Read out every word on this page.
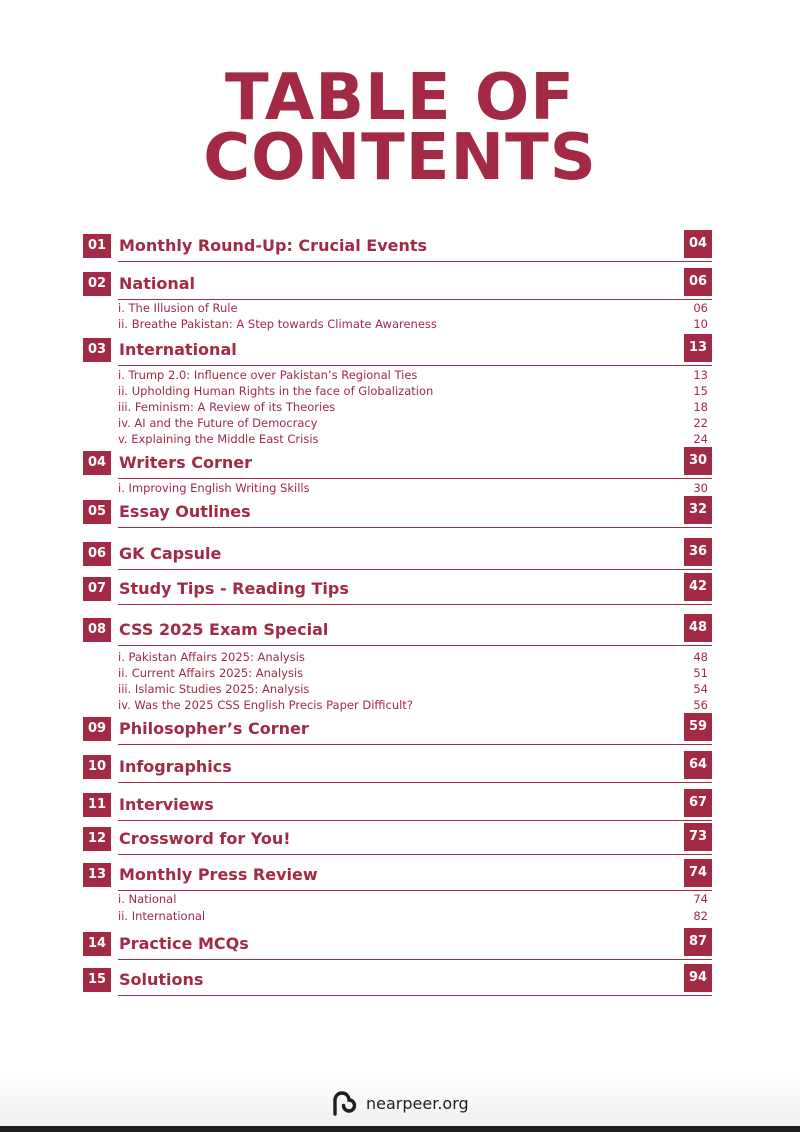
TABLE OF
CONTENTS
01 Monthly Round-Up: Crucial Events	04
02 National	06
i. The Illusion of Rule	06
ii. Breathe Pakistan: A Step towards Climate Awareness	10
03 International	13
i. Trump 2.0: Influence over Pakistan’s Regional Ties	13
ii. Upholding Human Rights in the face of Globalization	15
iii. Feminism: A Review of its Theories	18
iv. AI and the Future of Democracy	22
v. Explaining the Middle East Crisis	24
04 Writers Corner	30
i. Improving English Writing Skills	30
05 Essay Outlines	32
06 GK Capsule	36
07 Study Tips - Reading Tips	42
08 CSS 2025 Exam Special	48
i. Pakistan Affairs 2025: Analysis	48
ii. Current Affairs 2025: Analysis	51
iii. Islamic Studies 2025: Analysis	54
iv. Was the 2025 CSS English Precis Paper Difficult?	56
09 Philosopher’s Corner	59
10 Infographics	64
11 Interviews	67
12 Crossword for You!	73
13 Monthly Press Review	74
i. National	74
ii. International	82
14 Practice MCQs	87
15 Solutions	94
nearpeer.org
